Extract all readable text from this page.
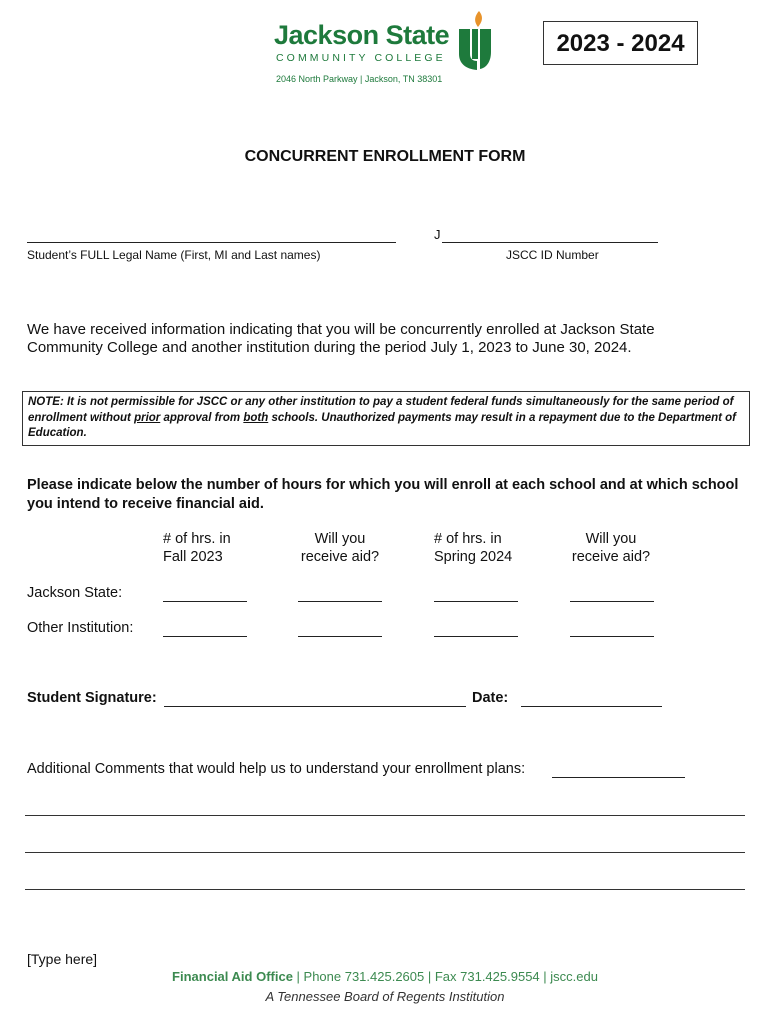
Jackson State
COMMUNITY COLLEGE
2046 North Parkway | Jackson, TN 38301
2023 - 2024
CONCURRENT ENROLLMENT FORM
J
Student’s FULL Legal Name (First, MI and Last names)	JSCC ID Number
We have received information indicating that you will be concurrently enrolled at Jackson State Community College and another institution during the period July 1, 2023 to June 30, 2024.
NOTE: It is not permissible for JSCC or any other institution to pay a student federal funds simultaneously for the same period of enrollment without prior approval from both schools. Unauthorized payments may result in a repayment due to the Department of Education.
Please indicate below the number of hours for which you will enroll at each school and at which school you intend to receive financial aid.
# of hrs. in
Fall 2023
Will you
receive aid?
# of hrs. in
Spring 2024
Will you
receive aid?
Jackson State:
Other Institution:
Student Signature:	Date:
Additional Comments that would help us to understand your enrollment plans:
[Type here]
Financial Aid Office | Phone 731.425.2605 | Fax 731.425.9554 | jscc.edu
A Tennessee Board of Regents Institution
